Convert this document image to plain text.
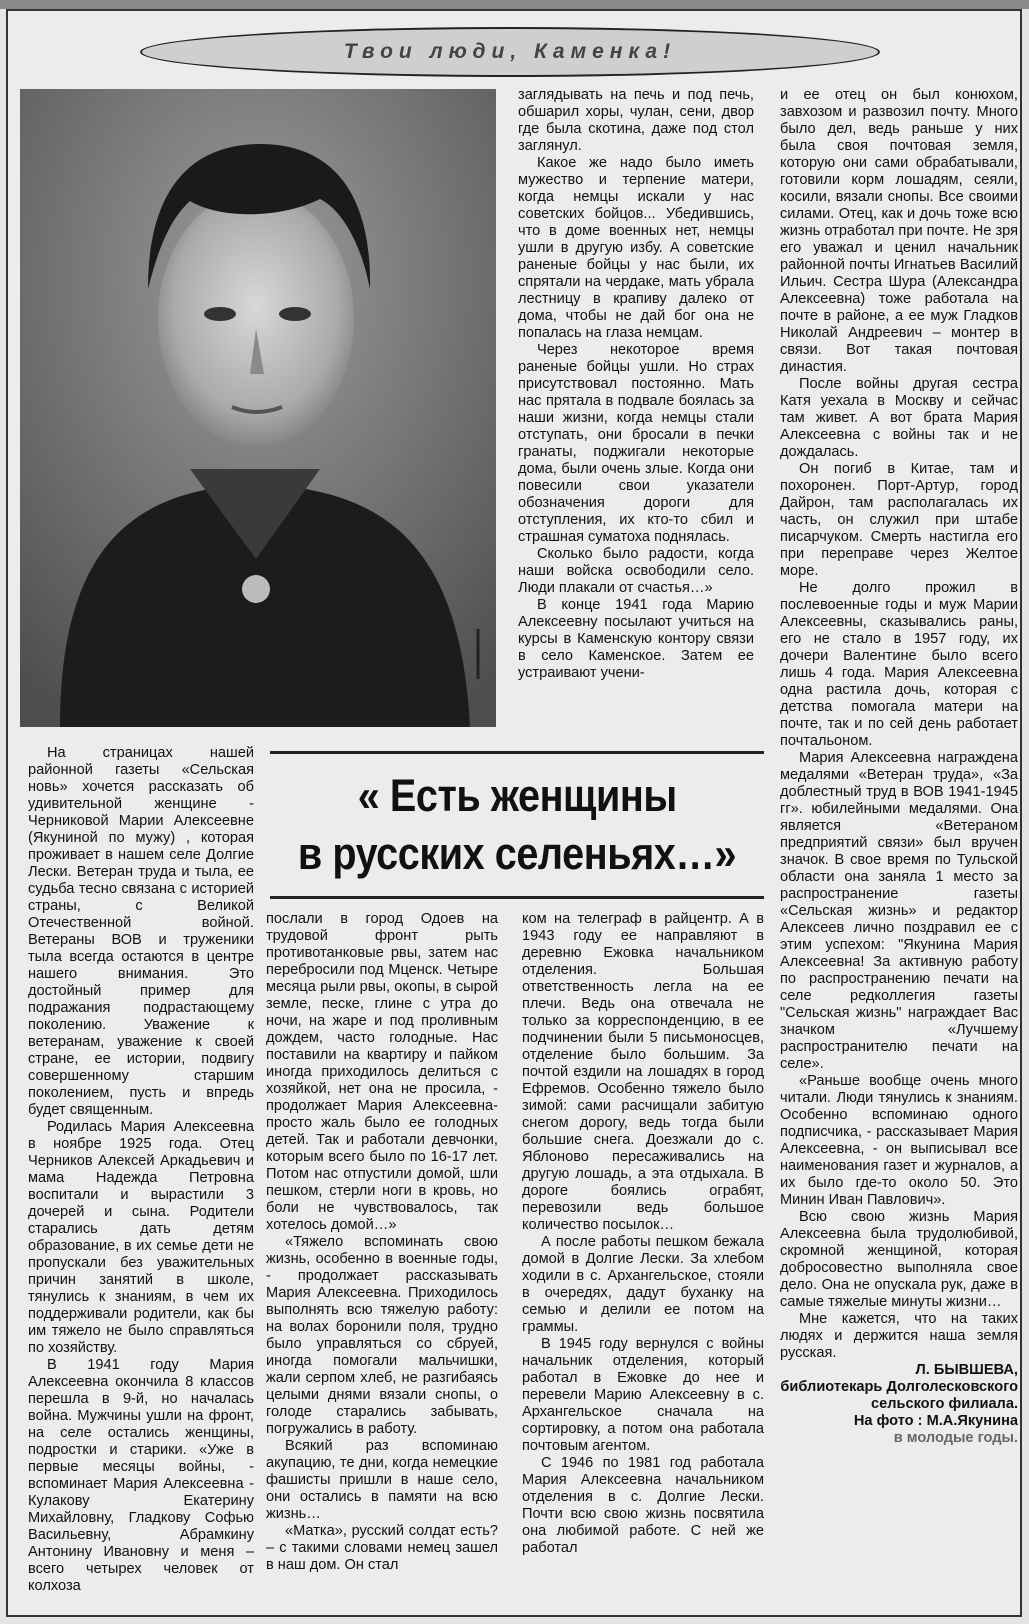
Твои люди, Каменка!

заглядывать на печь и под печь, обшарил хоры, чулан, сени, двор где была скотина, даже под стол заглянул.

Какое же надо было иметь мужество и терпение матери, когда немцы искали у нас советских бойцов... Убедившись, что в доме военных нет, немцы ушли в другую избу. А советские раненые бойцы у нас были, их спрятали на чердаке, мать убрала лестницу в крапиву далеко от дома, чтобы не дай бог она не попалась на глаза немцам.

Через некоторое время раненые бойцы ушли. Но страх присутствовал постоянно. Мать нас прятала в подвале боялась за наши жизни, когда немцы стали отступать, они бросали в печки гранаты, поджигали некоторые дома, были очень злые. Когда они повесили свои указатели обозначения дороги для отступления, их кто-то сбил и страшная суматоха поднялась.

Сколько было радости, когда наши войска освободили село. Люди плакали от счастья…»

В конце 1941 года Марию Алексеевну посылают учиться на курсы в Каменскую контору связи в село Каменское. Затем ее устраивают учени-

и ее отец он был конюхом, завхозом и развозил почту. Много было дел, ведь раньше у них была своя почтовая земля, которую они сами обрабатывали, готовили корм лошадям, сеяли, косили, вязали снопы. Все своими силами. Отец, как и дочь тоже всю жизнь отработал при почте. Не зря его уважал и ценил начальник районной почты Игнатьев Василий Ильич. Сестра Шура (Александра Алексеевна) тоже работала на почте в районе, а ее муж Гладков Николай Андреевич – монтер в связи. Вот такая почтовая династия.

После войны другая сестра Катя уехала в Москву и сейчас там живет. А вот брата Мария Алексеевна с войны так и не дождалась.

Он погиб в Китае, там и похоронен. Порт-Артур, город Дайрон, там располагалась их часть, он служил при штабе писарчуком. Смерть настигла его при переправе через Желтое море.

Не долго прожил в послевоенные годы и муж Марии Алексеевны, сказывались раны, его не стало в 1957 году, их дочери Валентине было всего лишь 4 года. Мария Алексеевна одна растила дочь, которая с детства помогала матери на почте, так и по сей день работает почтальоном.

Мария Алексеевна награждена медалями «Ветеран труда», «За доблестный труд в ВОВ 1941-1945 гг». юбилейными медалями. Она является «Ветераном предприятий связи» был вручен значок. В свое время по Тульской области она заняла 1 место за распространение газеты «Сельская жизнь» и редактор Алексеев лично поздравил ее с этим успехом: "Якунина Мария Алексеевна! За активную работу по распространению печати на селе редколлегия газеты "Сельская жизнь" награждает Вас значком «Лучшему распространителю печати на селе».

«Раньше вообще очень много читали. Люди тянулись к знаниям. Особенно вспоминаю одного подписчика, - рассказывает Мария Алексеевна, - он выписывал все наименования газет и журналов, а их было где-то около 50. Это Минин Иван Павлович».

Всю свою жизнь Мария Алексеевна была трудолюбивой, скромной женщиной, которая добросовестно выполняла свое дело. Она не опускала рук, даже в самые тяжелые минуты жизни…

Мне кажется, что на таких людях и держится наша земля русская.

Л. БЫВШЕВА,

библиотекарь Долголесковского сельского филиала.

На фото : М.А.Якунина

в молодые годы.

« Есть женщины
в русских селеньях…»

На страницах нашей районной газеты «Сельская новь» хочется рассказать об удивительной женщине - Черниковой Марии Алексеевне (Якуниной по мужу) , которая проживает в нашем селе Долгие Лески. Ветеран труда и тыла, ее судьба тесно связана с историей страны, с Великой Отечественной войной. Ветераны ВОВ и труженики тыла всегда остаются в центре нашего внимания. Это достойный пример для подражания подрастающему поколению. Уважение к ветеранам, уважение к своей стране, ее истории, подвигу совершенному старшим поколением, пусть и впредь будет священным.

Родилась Мария Алексеевна в ноябре 1925 года. Отец Черников Алексей Аркадьевич и мама Надежда Петровна воспитали и вырастили 3 дочерей и сына. Родители старались дать детям образование, в их семье дети не пропускали без уважительных причин занятий в школе, тянулись к знаниям, в чем их поддерживали родители, как бы им тяжело не было справляться по хозяйству.

В 1941 году Мария Алексеевна окончила 8 классов перешла в 9-й, но началась война. Мужчины ушли на фронт, на селе остались женщины, подростки и старики. «Уже в первые месяцы войны, - вспоминает Мария Алексеевна - Кулакову Екатерину Михайловну, Гладкову Софью Васильевну, Абрамкину Антонину Ивановну и меня – всего четырех человек от колхоза

послали в город Одоев на трудовой фронт рыть противотанковые рвы, затем нас перебросили под Мценск. Четыре месяца рыли рвы, окопы, в сырой земле, песке, глине с утра до ночи, на жаре и под проливным дождем, часто голодные. Нас поставили на квартиру и пайком иногда приходилось делиться с хозяйкой, нет она не просила, - продолжает Мария Алексеевна- просто жаль было ее голодных детей. Так и работали девчонки, которым всего было по 16-17 лет. Потом нас отпустили домой, шли пешком, стерли ноги в кровь, но боли не чувствовалось, так хотелось домой…»

«Тяжело вспоминать свою жизнь, особенно в военные годы, - продолжает рассказывать Мария Алексеевна. Приходилось выполнять всю тяжелую работу: на волах боронили поля, трудно было управляться со сбруей, иногда помогали мальчишки, жали серпом хлеб, не разгибаясь целыми днями вязали снопы, о голоде старались забывать, погружались в работу.

Всякий раз вспоминаю акупацию, те дни, когда немецкие фашисты пришли в наше село, они остались в памяти на всю жизнь…

«Матка», русский солдат есть? – с такими словами немец зашел в наш дом. Он стал

ком на телеграф в райцентр. А в 1943 году ее направляют в деревню Ежовка начальником отделения. Большая ответственность легла на ее плечи. Ведь она отвечала не только за корреспонденцию, в ее подчинении были 5 письмоносцев, отделение было большим. За почтой ездили на лошадях в город Ефремов. Особенно тяжело было зимой: сами расчищали забитую снегом дорогу, ведь тогда были большие снега. Доезжали до с. Яблоново пересаживались на другую лошадь, а эта отдыхала. В дороге боялись ограбят, перевозили ведь большое количество посылок…

А после работы пешком бежала домой в Долгие Лески. За хлебом ходили в с. Архангельское, стояли в очередях, дадут буханку на семью и делили ее потом на граммы.

В 1945 году вернулся с войны начальник отделения, который работал в Ежовке до нее и перевели Марию Алексеевну в с. Архангельское сначала на сортировку, а потом она работала почтовым агентом.

С 1946 по 1981 год работала Мария Алексеевна начальником отделения в с. Долгие Лески. Почти всю свою жизнь посвятила она любимой работе. С ней же работал
